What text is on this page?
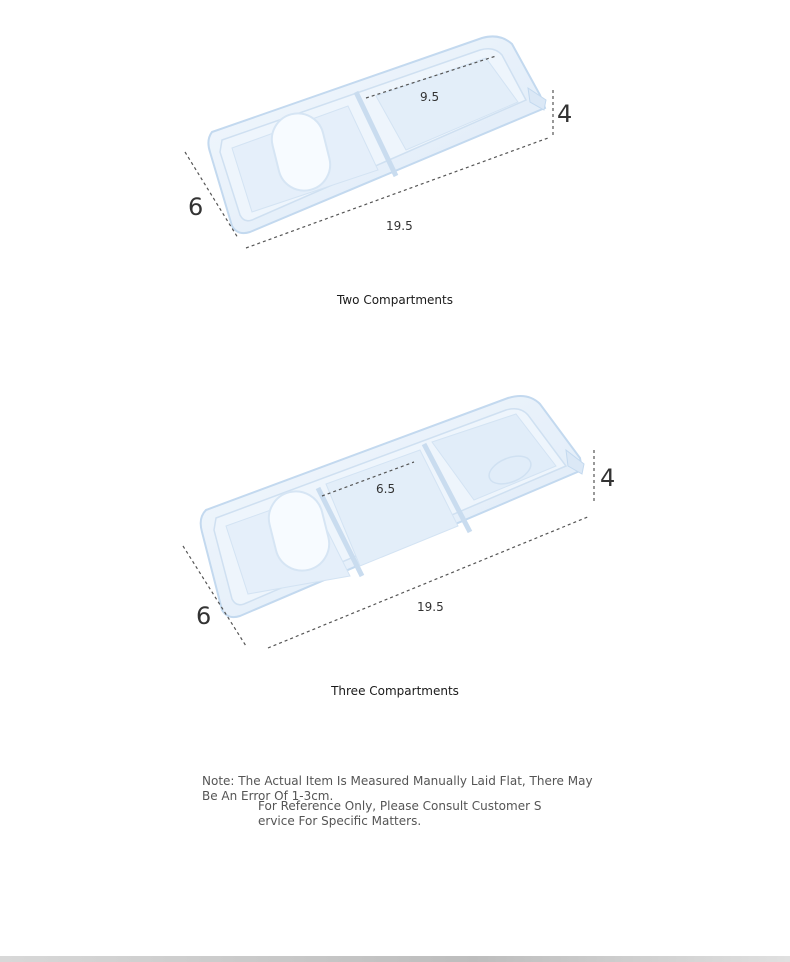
6
4
19.5
9.5
Two Compartments
6
4
19.5
6.5
Three Compartments
Note: The Actual Item Is Measured Manually Laid Flat, There May
Be An Error Of 1-3cm.
For Reference Only, Please Consult Customer S
ervice For Specific Matters.
